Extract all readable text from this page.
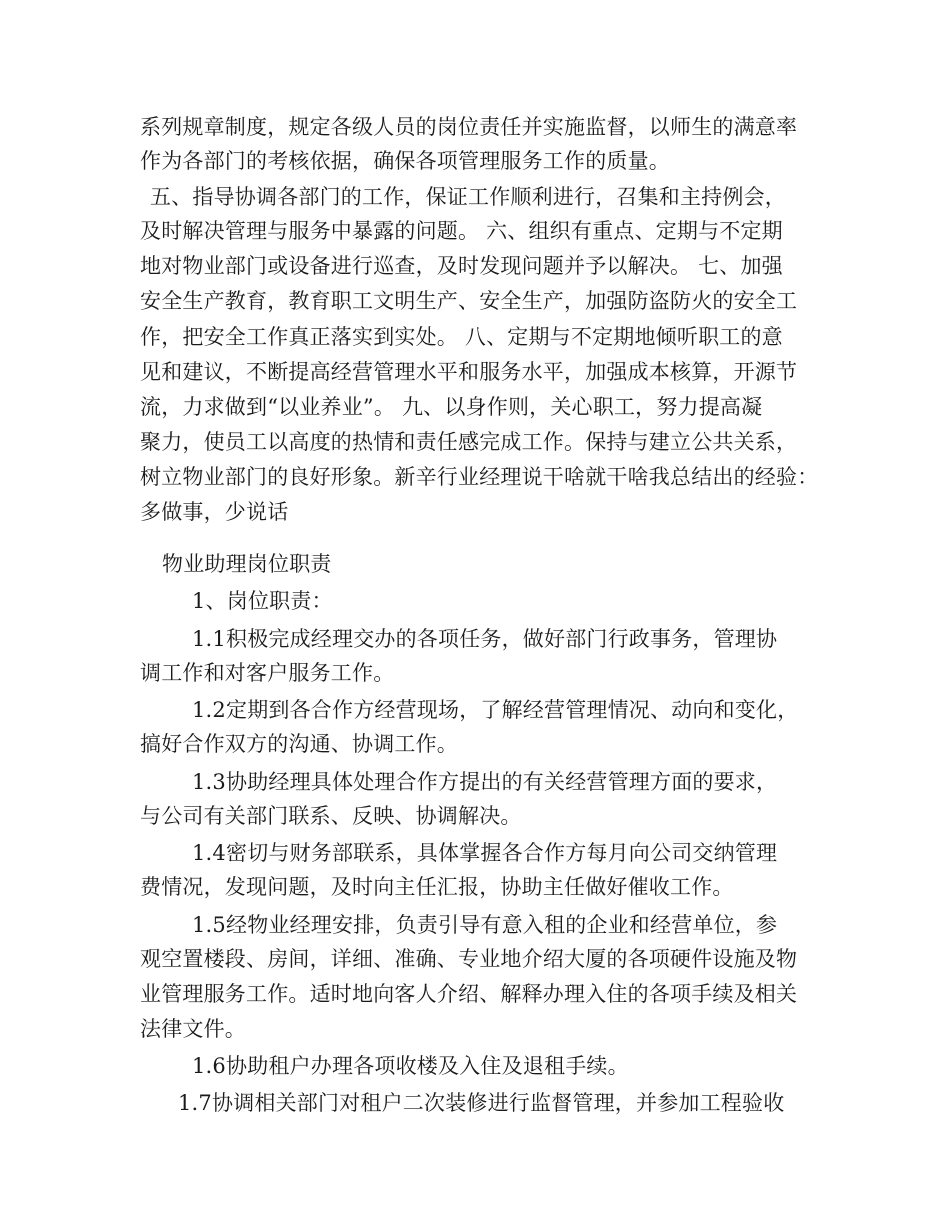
系列规章制度，规定各级人员的岗位责任并实施监督，以师生的满意率
作为各部门的考核依据，确保各项管理服务工作的质量。
五、指导协调各部门的工作，保证工作顺利进行，召集和主持例会，
及时解决管理与服务中暴露的问题。 六、组织有重点、定期与不定期
地对物业部门或设备进行巡查，及时发现问题并予以解决。 七、加强
安全生产教育，教育职工文明生产、安全生产，加强防盗防火的安全工
作，把安全工作真正落实到实处。 八、定期与不定期地倾听职工的意
见和建议，不断提高经营管理水平和服务水平，加强成本核算，开源节
流，力求做到“以业养业”。 九、以身作则，关心职工，努力提高凝
聚力，使员工以高度的热情和责任感完成工作。保持与建立公共关系，
树立物业部门的良好形象。新辛行业经理说干啥就干啥我总结出的经验：
多做事，少说话
物业助理岗位职责
1、岗位职责：
1.1积极完成经理交办的各项任务，做好部门行政事务，管理协
调工作和对客户服务工作。
1.2定期到各合作方经营现场，了解经营管理情况、动向和变化，
搞好合作双方的沟通、协调工作。
1.3协助经理具体处理合作方提出的有关经营管理方面的要求，
与公司有关部门联系、反映、协调解决。
1.4密切与财务部联系，具体掌握各合作方每月向公司交纳管理
费情况，发现问题，及时向主任汇报，协助主任做好催收工作。
1.5经物业经理安排，负责引导有意入租的企业和经营单位，参
观空置楼段、房间，详细、准确、专业地介绍大厦的各项硬件设施及物
业管理服务工作。适时地向客人介绍、解释办理入住的各项手续及相关
法律文件。
1.6协助租户办理各项收楼及入住及退租手续。
1.7协调相关部门对租户二次装修进行监督管理，并参加工程验收
